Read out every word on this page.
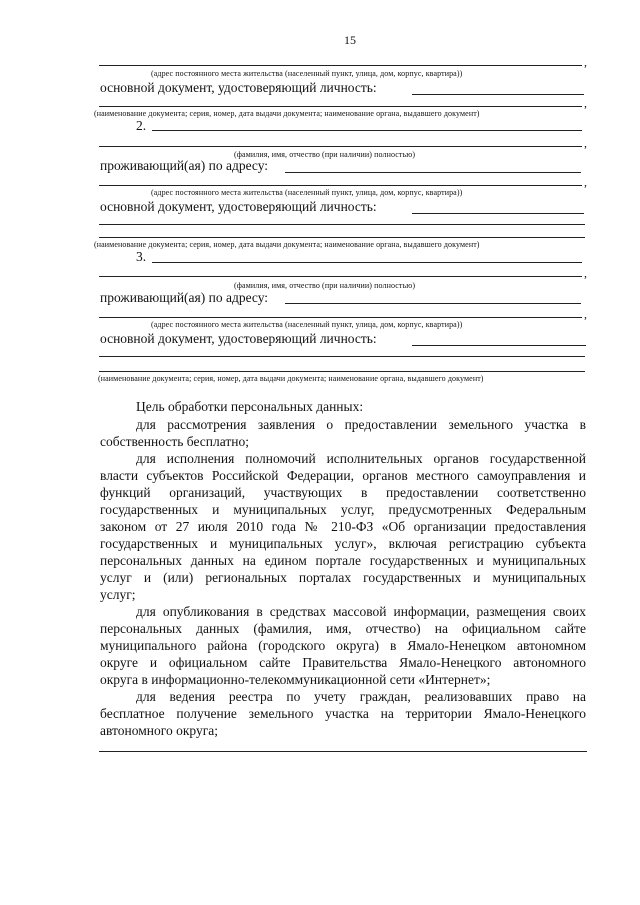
15
,
(адрес постоянного места жительства (населенный пункт, улица, дом, корпус, квартира))
основной документ, удостоверяющий личность:
,
(наименование документа; серия, номер, дата выдачи документа; наименование органа, выдавшего документ)
2.
,
(фамилия, имя, отчество (при наличии) полностью)
проживающий(ая) по адресу:
,
(адрес постоянного места жительства (населенный пункт, улица, дом, корпус, квартира))
основной документ, удостоверяющий личность:
(наименование документа; серия, номер, дата выдачи документа; наименование органа, выдавшего документ)
3.
,
(фамилия, имя, отчество (при наличии) полностью)
проживающий(ая) по адресу:
,
(адрес постоянного места жительства (населенный пункт, улица, дом, корпус, квартира))
основной документ, удостоверяющий личность:
(наименование документа; серия, номер, дата выдачи документа; наименование органа, выдавшего документ)
Цель обработки персональных данных:
для рассмотрения заявления о предоставлении земельного участка в
собственность бесплатно;
для исполнения полномочий исполнительных органов государственной
власти субъектов Российской Федерации, органов местного самоуправления и
функций организаций, участвующих в предоставлении соответственно
государственных и муниципальных услуг, предусмотренных Федеральным
законом от 27 июля 2010 года № 210-ФЗ «Об организации предоставления
государственных и муниципальных услуг», включая регистрацию субъекта
персональных данных на едином портале государственных и муниципальных
услуг и (или) региональных порталах государственных и муниципальных
услуг;
для опубликования в средствах массовой информации, размещения своих
персональных данных (фамилия, имя, отчество) на официальном сайте
муниципального района (городского округа) в Ямало-Ненецком автономном
округе и официальном сайте Правительства Ямало-Ненецкого автономного
округа в информационно-телекоммуникационной сети «Интернет»;
для ведения реестра по учету граждан, реализовавших право на
бесплатное получение земельного участка на территории Ямало-Ненецкого
автономного округа;
